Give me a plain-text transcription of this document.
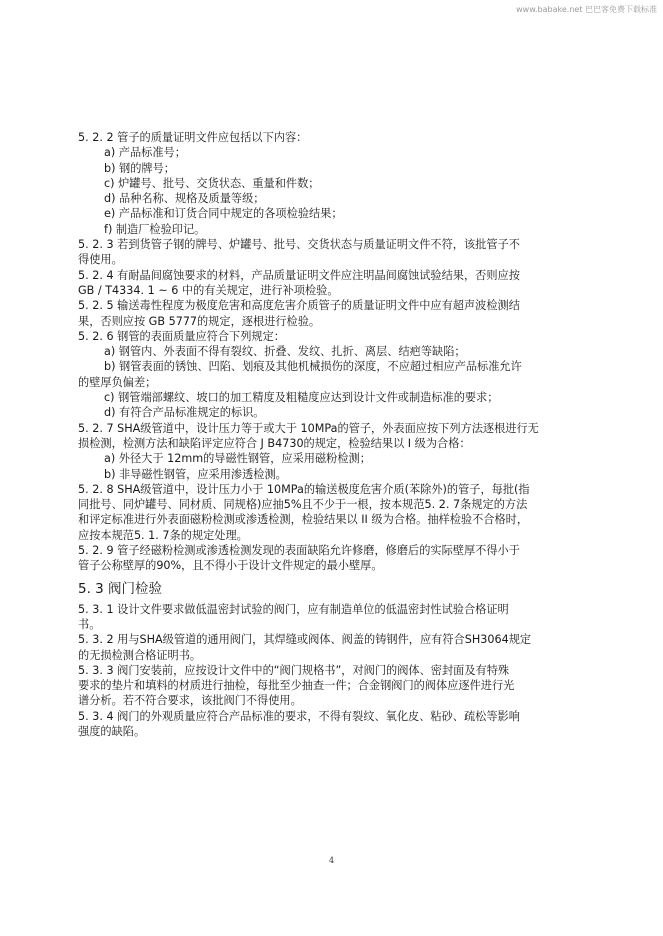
www.babake.net 巴巴客免费下载标准
5. 2. 2 管子的质量证明文件应包括以下内容：
a) 产品标准号；
b) 钢的牌号；
c) 炉罐号、批号、交货状态、重量和件数；
d) 品种名称、规格及质量等级；
e) 产品标准和订货合同中规定的各项检验结果；
f) 制造厂检验印记。
5. 2. 3 若到货管子钢的牌号、炉罐号、批号、交货状态与质量证明文件不符，该批管子不
得使用。
5. 2. 4 有耐晶间腐蚀要求的材料，产品质量证明文件应注明晶间腐蚀试验结果，否则应按
GB / T4334. 1 ~ 6 中的有关规定，进行补项检验。
5. 2. 5 输送毒性程度为极度危害和高度危害介质管子的质量证明文件中应有超声波检测结
果，否则应按 GB 5777的规定，逐根进行检验。
5. 2. 6 钢管的表面质量应符合下列规定：
a) 钢管内、外表面不得有裂纹、折叠、发纹、扎折、离层、结疤等缺陷；
b) 钢管表面的锈蚀、凹陷、划痕及其他机械损伤的深度，不应超过相应产品标准允许
的壁厚负偏差；
c) 钢管端部螺纹、坡口的加工精度及粗糙度应达到设计文件或制造标准的要求；
d) 有符合产品标准规定的标识。
5. 2. 7 SHA级管道中，设计压力等于或大于 10MPa的管子，外表面应按下列方法逐根进行无
损检测，检测方法和缺陷评定应符合 J B4730的规定，检验结果以 I 级为合格：
a) 外径大于 12mm的导磁性钢管，应采用磁粉检测；
b) 非导磁性钢管，应采用渗透检测。
5. 2. 8 SHA级管道中，设计压力小于 10MPa的输送极度危害介质(苯除外)的管子，每批(指
同批号、同炉罐号、同材质、同规格)应抽5%且不少于一根，按本规范5. 2. 7条规定的方法
和评定标准进行外表面磁粉检测或渗透检测，检验结果以 II 级为合格。抽样检验不合格时，
应按本规范5. 1. 7条的规定处理。
5. 2. 9 管子经磁粉检测或渗透检测发现的表面缺陷允许修磨，修磨后的实际壁厚不得小于
管子公称壁厚的90%，且不得小于设计文件规定的最小壁厚。
5. 3 阀门检验
5. 3. 1 设计文件要求做低温密封试验的阀门，应有制造单位的低温密封性试验合格证明
书。
5. 3. 2 用与SHA级管道的通用阀门，其焊缝或阀体、阀盖的铸钢件，应有符合SH3064规定
的无损检测合格证明书。
5. 3. 3 阀门安装前，应按设计文件中的“阀门规格书”，对阀门的阀体、密封面及有特殊
要求的垫片和填料的材质进行抽检，每批至少抽查一件；合金钢阀门的阀体应逐件进行光
谱分析。若不符合要求，该批阀门不得使用。
5. 3. 4 阀门的外观质量应符合产品标准的要求，不得有裂纹、氧化皮、粘砂、疏松等影响
强度的缺陷。
4
